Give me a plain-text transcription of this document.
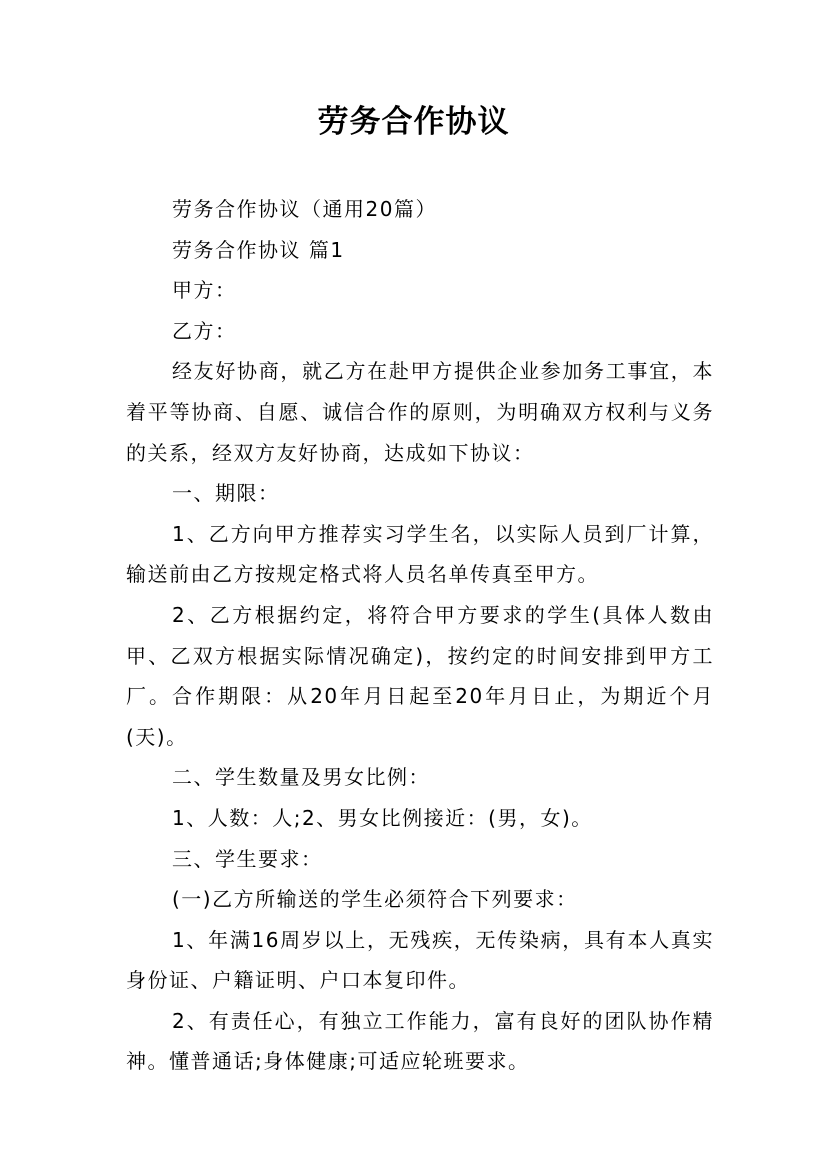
劳务合作协议

劳务合作协议（通用20篇）

劳务合作协议 篇1

甲方：

乙方：

经友好协商，就乙方在赴甲方提供企业参加务工事宜，本着平等协商、自愿、诚信合作的原则，为明确双方权利与义务的关系，经双方友好协商，达成如下协议：

一、期限：

1、乙方向甲方推荐实习学生名，以实际人员到厂计算，输送前由乙方按规定格式将人员名单传真至甲方。

2、乙方根据约定，将符合甲方要求的学生(具体人数由甲、乙双方根据实际情况确定)，按约定的时间安排到甲方工厂。合作期限：从20年月日起至20年月日止，为期近个月(天)。

二、学生数量及男女比例：

1、人数：人;2、男女比例接近：(男，女)。

三、学生要求：

(一)乙方所输送的学生必须符合下列要求：

1、年满16周岁以上，无残疾，无传染病，具有本人真实身份证、户籍证明、户口本复印件。

2、有责任心，有独立工作能力，富有良好的团队协作精神。懂普通话;身体健康;可适应轮班要求。
